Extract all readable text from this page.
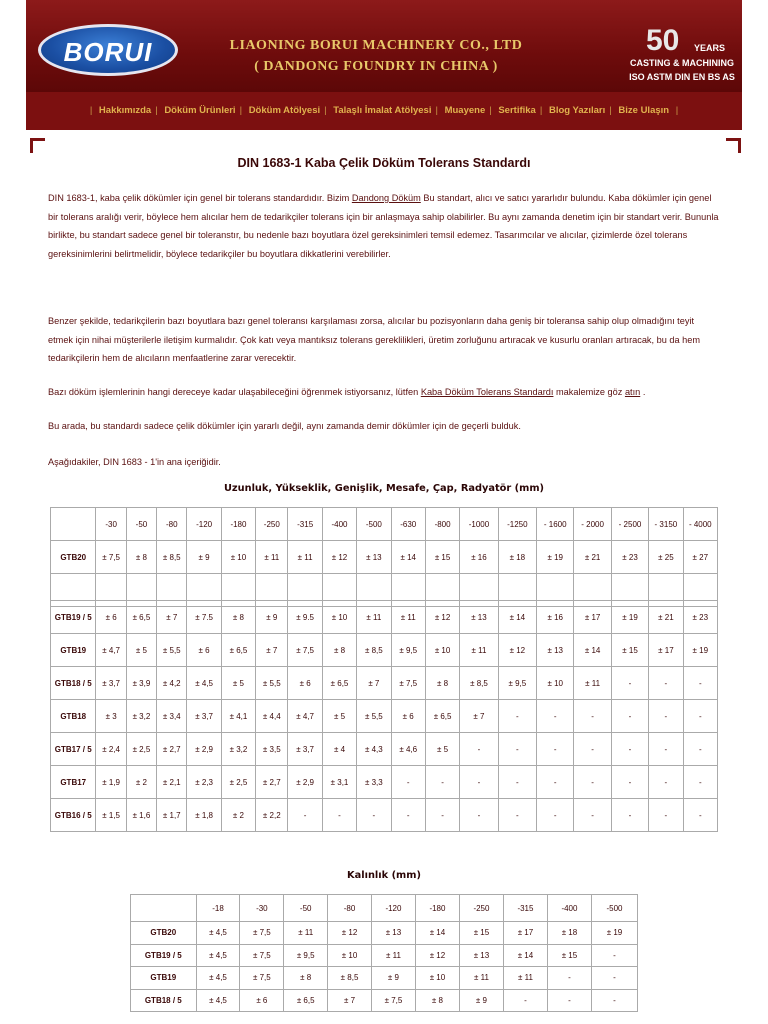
BORUI	LIAONING BORUI MACHINERY CO., LTD
( DANDONG FOUNDRY IN CHINA )
50 YEARS
CASTING & MACHINING
ISO ASTM DIN EN BS AS
| Hakkımızda | Döküm Ürünleri | Döküm Atölyesi | Talaşlı İmalat Atölyesi | Muayene | Sertifika | Blog Yazıları | Bize Ulaşın |
DIN 1683-1 Kaba Çelik Döküm Tolerans Standardı

DIN 1683-1, kaba çelik dökümler için genel bir tolerans standardıdır. Bizim Dandong Döküm Bu standart, alıcı ve satıcı yararlıdır bulundu. Kaba dökümler için genel bir tolerans aralığı verir, böylece hem alıcılar hem de tedarikçiler tolerans için bir anlaşmaya sahip olabilirler. Bu aynı zamanda denetim için bir standart verir. Bununla birlikte, bu standart sadece genel bir toleranstır, bu nedenle bazı boyutlara özel gereksinimleri temsil edemez. Tasarımcılar ve alıcılar, çizimlerde özel tolerans gereksinimlerini belirtmelidir, böylece tedarikçiler bu boyutlara dikkatlerini verebilirler.

Benzer şekilde, tedarikçilerin bazı boyutlara bazı genel toleransı karşılaması zorsa, alıcılar bu pozisyonların daha geniş bir toleransa sahip olup olmadığını teyit etmek için nihai müşterilerle iletişim kurmalıdır. Çok katı veya mantıksız tolerans gereklilikleri, üretim zorluğunu artıracak ve kusurlu oranları artıracak, bu da hem tedarikçilerin hem de alıcıların menfaatlerine zarar verecektir.

Bazı döküm işlemlerinin hangi dereceye kadar ulaşabileceğini öğrenmek istiyorsanız, lütfen Kaba Döküm Tolerans Standardı makalemize göz atın .

Bu arada, bu standardı sadece çelik dökümler için yararlı değil, aynı zamanda demir dökümler için de geçerli bulduk.

Aşağıdakiler, DIN 1683 - 1'in ana içeriğidir.

Uzunluk, Yükseklik, Genişlik, Mesafe, Çap, Radyatör (mm)
	-30	-50	-80	-120	-180	-250	-315	-400	-500	-630	-800	-1000	-1250	- 1600	- 2000	- 2500	- 3150	- 4000
GTB20	± 7,5	± 8	± 8,5	± 9	± 10	± 11	± 11	± 12	± 13	± 14	± 15	± 16	± 18	± 19	± 21	± 23	± 25	± 27

GTB19 / 5	± 6	± 6,5	± 7	± 7.5	± 8	± 9	± 9.5	± 10	± 11	± 11	± 12	± 13	± 14	± 16	± 17	± 19	± 21	± 23
GTB19	± 4,7	± 5	± 5,5	± 6	± 6,5	± 7	± 7,5	± 8	± 8,5	± 9,5	± 10	± 11	± 12	± 13	± 14	± 15	± 17	± 19
GTB18 / 5	± 3,7	± 3,9	± 4,2	± 4,5	± 5	± 5,5	± 6	± 6,5	± 7	± 7,5	± 8	± 8,5	± 9,5	± 10	± 11	-	-	-
GTB18	± 3	± 3,2	± 3,4	± 3,7	± 4,1	± 4,4	± 4,7	± 5	± 5,5	± 6	± 6,5	± 7	-	-	-	-	-	-
GTB17 / 5	± 2,4	± 2,5	± 2,7	± 2,9	± 3,2	± 3,5	± 3,7	± 4	± 4,3	± 4,6	± 5	-	-	-	-	-	-	-
GTB17	± 1,9	± 2	± 2,1	± 2,3	± 2,5	± 2,7	± 2,9	± 3,1	± 3,3	-	-	-	-	-	-	-	-	-
GTB16 / 5	± 1,5	± 1,6	± 1,7	± 1,8	± 2	± 2,2	-	-	-	-	-	-	-	-	-	-	-	-
Kalınlık (mm)
	-18	-30	-50	-80	-120	-180	-250	-315	-400	-500
GTB20	± 4,5	± 7,5	± 11	± 12	± 13	± 14	± 15	± 17	± 18	± 19
GTB19 / 5	± 4,5	± 7,5	± 9,5	± 10	± 11	± 12	± 13	± 14	± 15	-
GTB19	± 4,5	± 7,5	± 8	± 8,5	± 9	± 10	± 11	± 11	-	-
GTB18 / 5	± 4,5	± 6	± 6,5	± 7	± 7,5	± 8	± 9	-	-	-
